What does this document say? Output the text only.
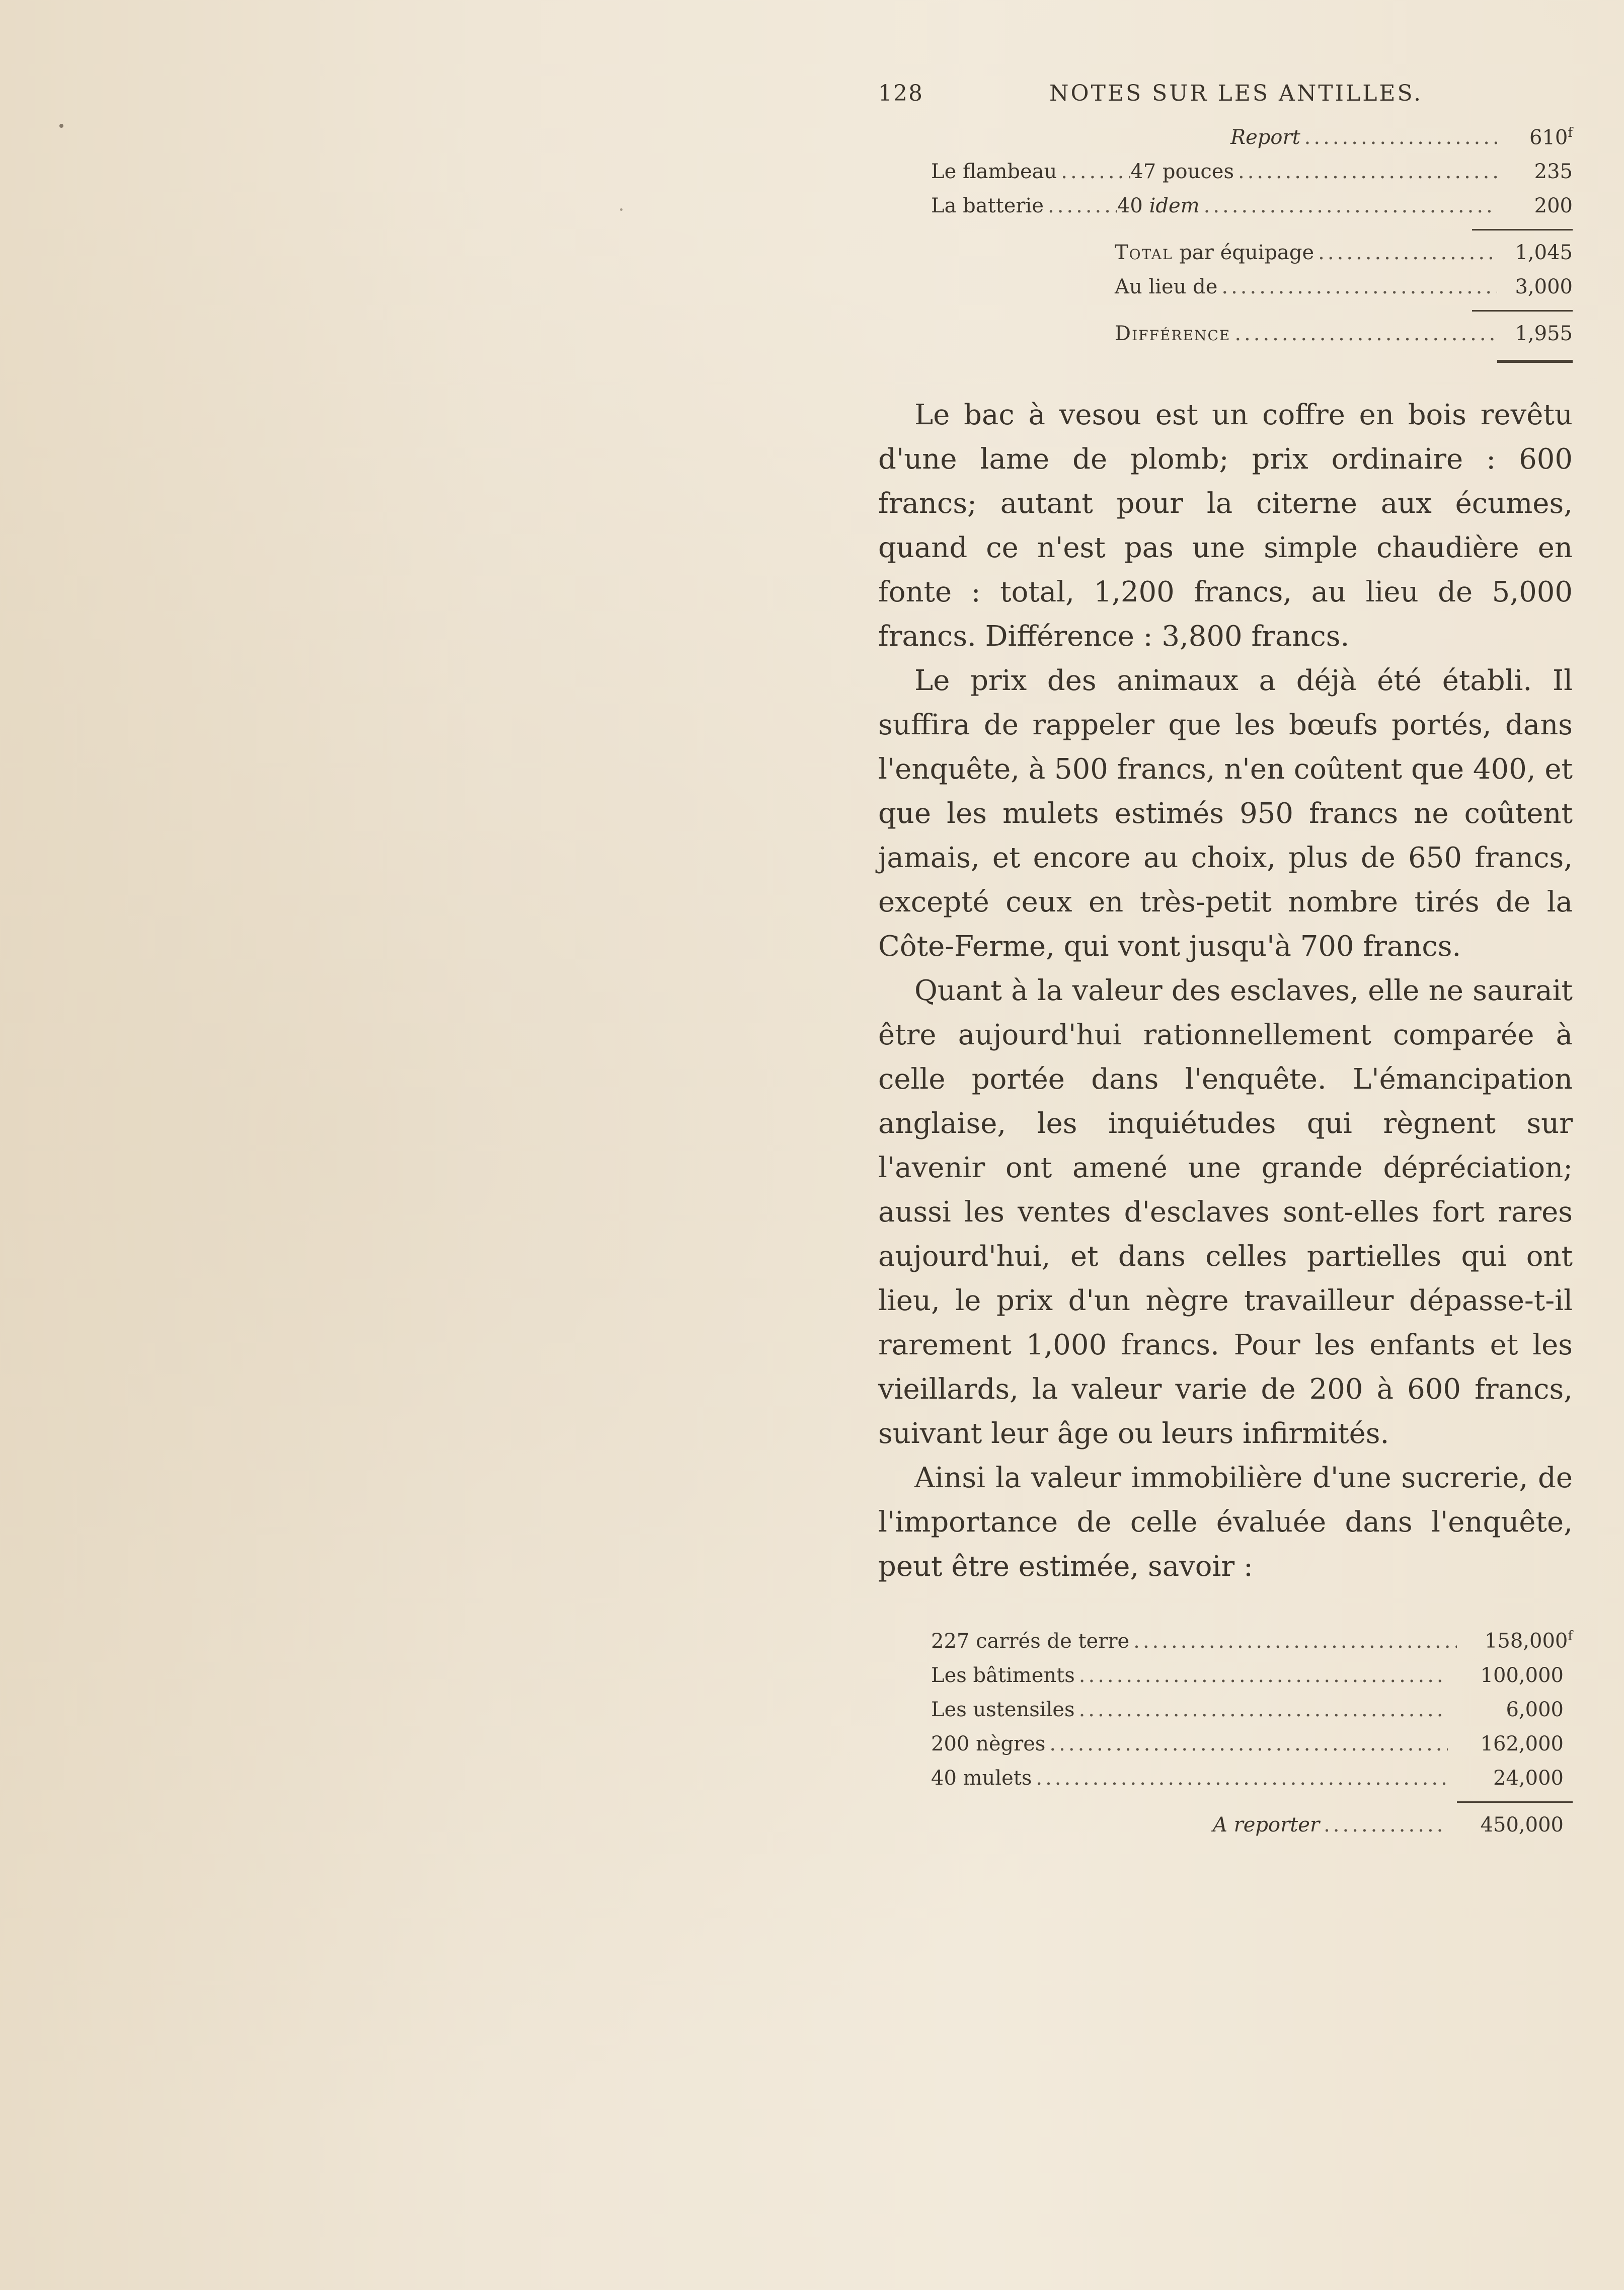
128	NOTES SUR LES ANTILLES.
Report .....	610$^f$
Le flambeau .....	47 pouces .....	235
La batterie .....	40 idem .....	200
Total par équipage .....	1,045
Au lieu de .....	3,000
Différence .....	1,955

Le bac à vesou est un coffre en bois revêtu d'une lame de plomb; prix ordinaire : 600 francs; autant pour la citerne aux écumes, quand ce n'est pas une simple chaudière en fonte : total, 1,200 francs, au lieu de 5,000 francs. Différence : 3,800 francs.

Le prix des animaux a déjà été établi. Il suffira de rappeler que les bœufs portés, dans l'enquête, à 500 francs, n'en coûtent que 400, et que les mulets estimés 950 francs ne coûtent jamais, et encore au choix, plus de 650 francs, excepté ceux en très-petit nombre tirés de la Côte-Ferme, qui vont jusqu'à 700 francs.

Quant à la valeur des esclaves, elle ne saurait être aujourd'hui rationnellement comparée à celle portée dans l'enquête. L'émancipation anglaise, les inquiétudes qui règnent sur l'avenir ont amené une grande dépréciation; aussi les ventes d'esclaves sont-elles fort rares aujourd'hui, et dans celles partielles qui ont lieu, le prix d'un nègre travailleur dépasse-t-il rarement 1,000 francs. Pour les enfants et les vieillards, la valeur varie de 200 à 600 francs, suivant leur âge ou leurs infirmités.

Ainsi la valeur immobilière d'une sucrerie, de l'importance de celle évaluée dans l'enquête, peut être estimée, savoir :

227 carrés de terre .....	158,000$^f$
Les bâtiments .....	100,000
Les ustensiles .....	6,000
200 nègres .....	162,000
40 mulets .....	24,000
A reporter .....	450,000
